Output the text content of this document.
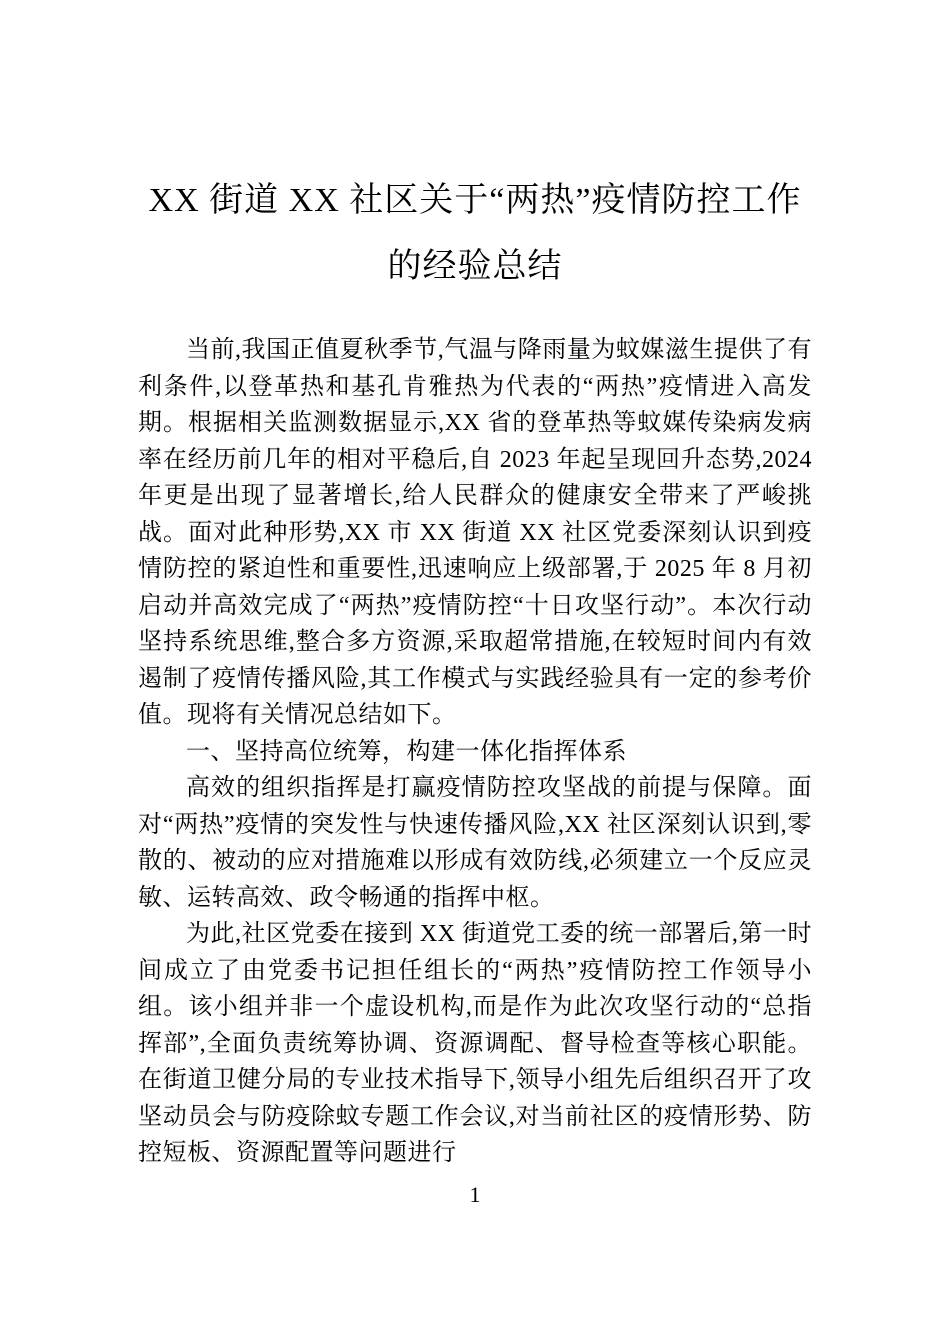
XX 街道 XX 社区关于“两热”疫情防控工作的经验总结

当前,我国正值夏秋季节,气温与降雨量为蚊媒滋生提供了有利条件,以登革热和基孔肯雅热为代表的“两热”疫情进入高发期。根据相关监测数据显示,XX 省的登革热等蚊媒传染病发病率在经历前几年的相对平稳后,自 2023 年起呈现回升态势,2024 年更是出现了显著增长,给人民群众的健康安全带来了严峻挑战。面对此种形势,XX 市 XX 街道 XX 社区党委深刻认识到疫情防控的紧迫性和重要性,迅速响应上级部署,于 2025 年 8 月初启动并高效完成了“两热”疫情防控“十日攻坚行动”。本次行动坚持系统思维,整合多方资源,采取超常措施,在较短时间内有效遏制了疫情传播风险,其工作模式与实践经验具有一定的参考价值。现将有关情况总结如下。

一、坚持高位统筹，构建一体化指挥体系

高效的组织指挥是打赢疫情防控攻坚战的前提与保障。面对“两热”疫情的突发性与快速传播风险,XX 社区深刻认识到,零散的、被动的应对措施难以形成有效防线,必须建立一个反应灵敏、运转高效、政令畅通的指挥中枢。

为此,社区党委在接到 XX 街道党工委的统一部署后,第一时间成立了由党委书记担任组长的“两热”疫情防控工作领导小组。该小组并非一个虚设机构,而是作为此次攻坚行动的“总指挥部”,全面负责统筹协调、资源调配、督导检查等核心职能。在街道卫健分局的专业技术指导下,领导小组先后组织召开了攻坚动员会与防疫除蚊专题工作会议,对当前社区的疫情形势、防控短板、资源配置等问题进行

1
